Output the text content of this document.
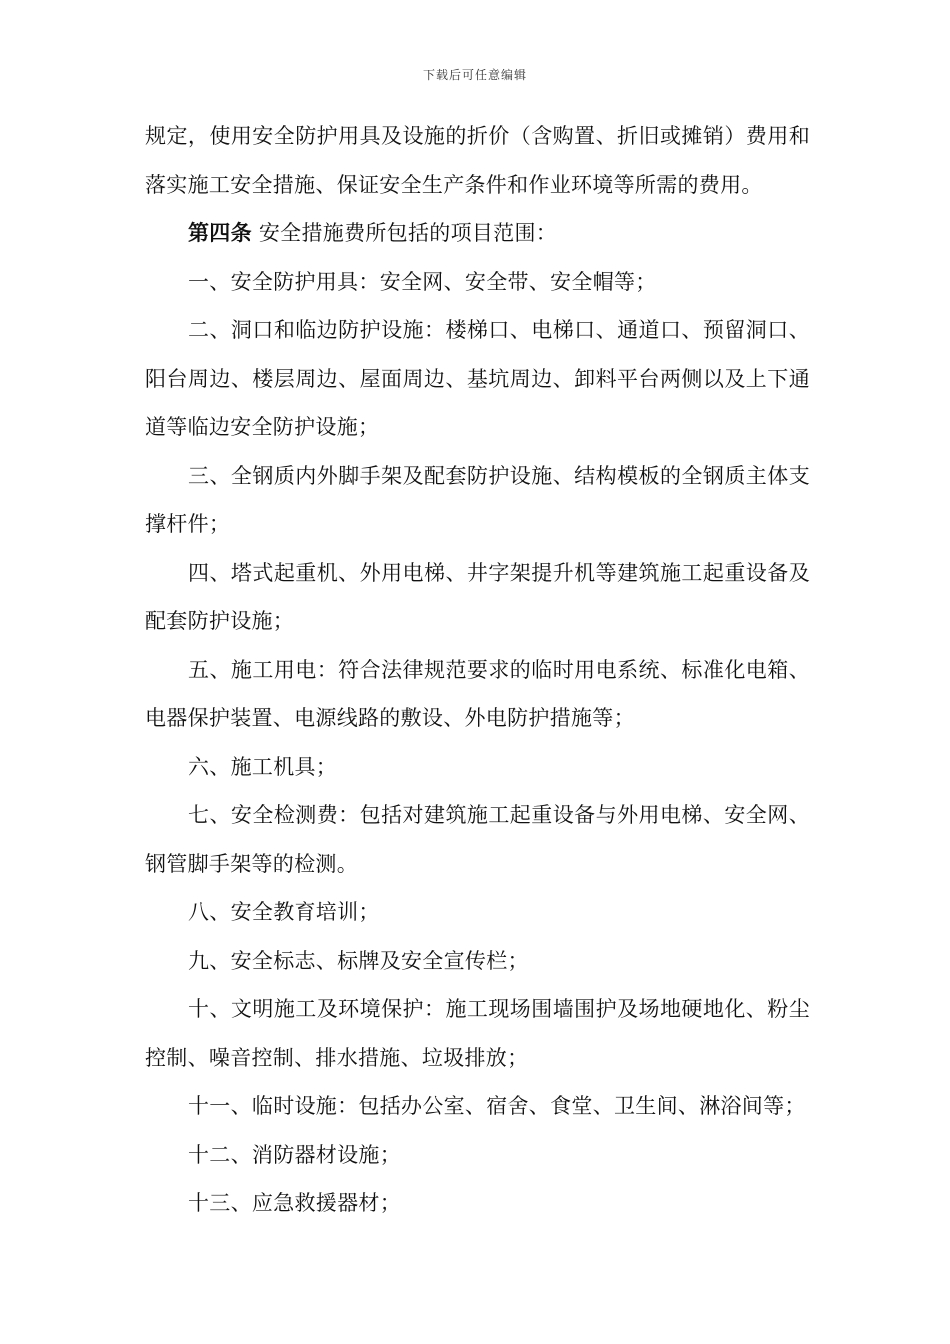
下载后可任意编辑

规定，使用安全防护用具及设施的折价（含购置、折旧或摊销）费用和落实施工安全措施、保证安全生产条件和作业环境等所需的费用。

第四条 安全措施费所包括的项目范围：

一、安全防护用具：安全网、安全带、安全帽等；

二、洞口和临边防护设施：楼梯口、电梯口、通道口、预留洞口、阳台周边、楼层周边、屋面周边、基坑周边、卸料平台两侧以及上下通道等临边安全防护设施；

三、全钢质内外脚手架及配套防护设施、结构模板的全钢质主体支撑杆件；

四、塔式起重机、外用电梯、井字架提升机等建筑施工起重设备及配套防护设施；

五、施工用电：符合法律规范要求的临时用电系统、标准化电箱、电器保护装置、电源线路的敷设、外电防护措施等；

六、施工机具；

七、安全检测费：包括对建筑施工起重设备与外用电梯、安全网、钢管脚手架等的检测。

八、安全教育培训；

九、安全标志、标牌及安全宣传栏；

十、文明施工及环境保护：施工现场围墙围护及场地硬地化、粉尘控制、噪音控制、排水措施、垃圾排放；

十一、临时设施：包括办公室、宿舍、食堂、卫生间、淋浴间等；

十二、消防器材设施；

十三、应急救援器材；
